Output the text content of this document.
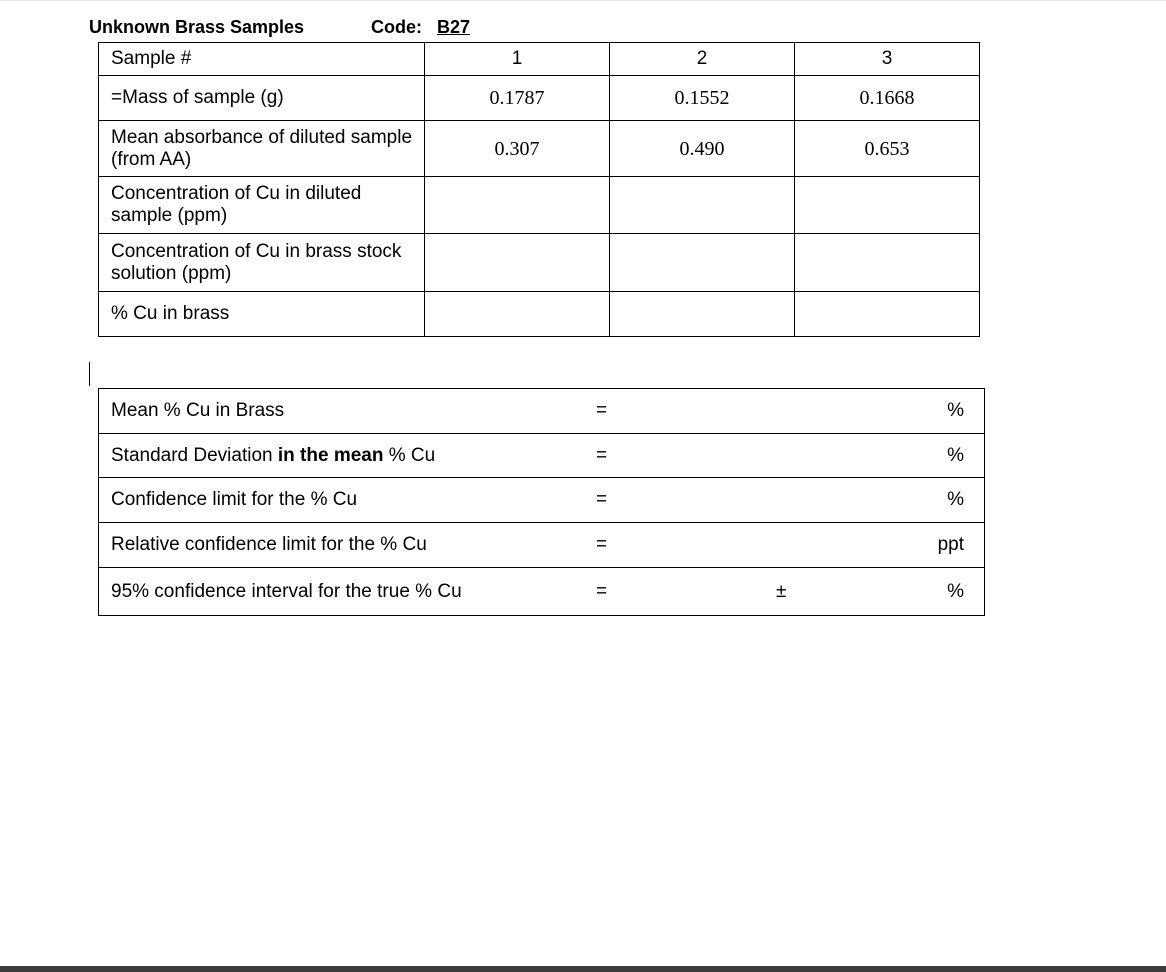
Unknown Brass Samples	Code: B27
Sample #	1	2	3
=Mass of sample (g)	0.1787	0.1552	0.1668
Mean absorbance of diluted sample (from AA)	0.307	0.490	0.653
Concentration of Cu in diluted sample (ppm)			
Concentration of Cu in brass stock solution (ppm)			
% Cu in brass			
Mean % Cu in Brass	=		%
Standard Deviation in the mean % Cu	=		%
Confidence limit for the % Cu	=		%
Relative confidence limit for the % Cu	=		ppt
95% confidence interval for the true % Cu	=	±	%
